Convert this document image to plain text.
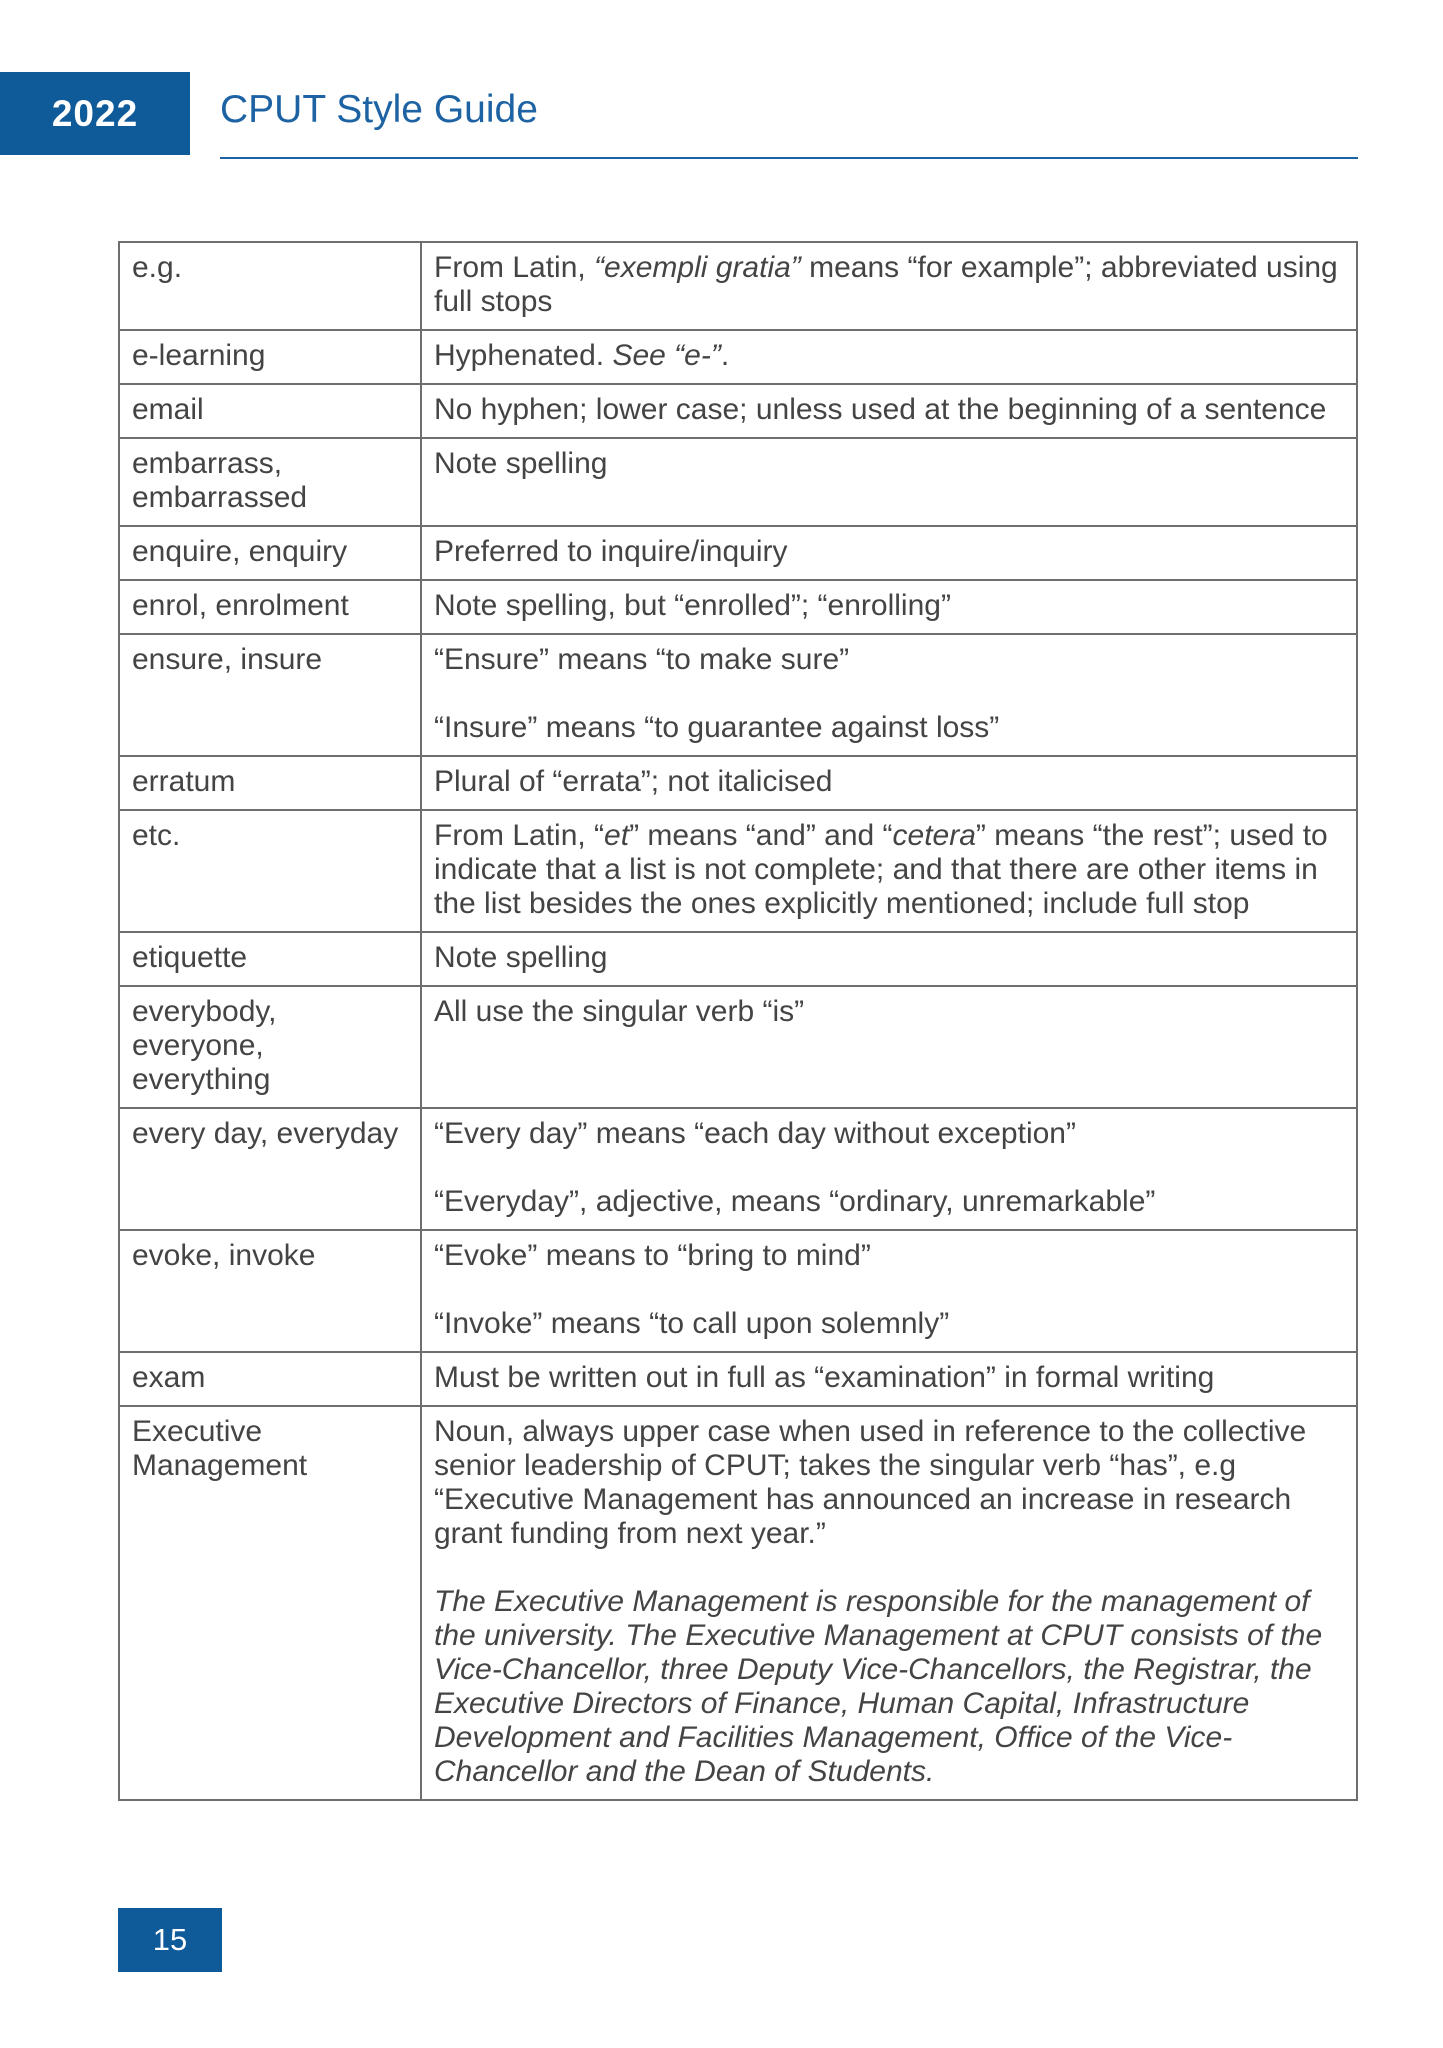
2022	CPUT Style Guide
e.g.	From Latin, “exempli gratia” means “for example”; abbreviated using full stops

e-learning	Hyphenated. See “e-”.

email	No hyphen; lower case; unless used at the beginning of a sentence

embarrass, embarrassed	Note spelling

enquire, enquiry	Preferred to inquire/inquiry

enrol, enrolment	Note spelling, but “enrolled”; “enrolling”

ensure, insure	“Ensure” means “to make sure”

“Insure” means “to guarantee against loss”

erratum	Plural of “errata”; not italicised

etc.	From Latin, “et” means “and” and “cetera” means “the rest”; used to indicate that a list is not complete; and that there are other items in the list besides the ones explicitly mentioned; include full stop

etiquette	Note spelling

everybody, everyone, everything	All use the singular verb “is”

every day, everyday	“Every day” means “each day without exception”

“Everyday”, adjective, means “ordinary, unremarkable”

evoke, invoke	“Evoke” means to “bring to mind”

“Invoke” means “to call upon solemnly”

exam	Must be written out in full as “examination” in formal writing

Executive Management	Noun, always upper case when used in reference to the collective senior leadership of CPUT; takes the singular verb “has”, e.g “Executive Management has announced an increase in research grant funding from next year.”

The Executive Management is responsible for the management of the university. The Executive Management at CPUT consists of the Vice-Chancellor, three Deputy Vice-Chancellors, the Registrar, the Executive Directors of Finance, Human Capital, Infrastructure Development and Facilities Management, Office of the Vice-Chancellor and the Dean of Students.

15
